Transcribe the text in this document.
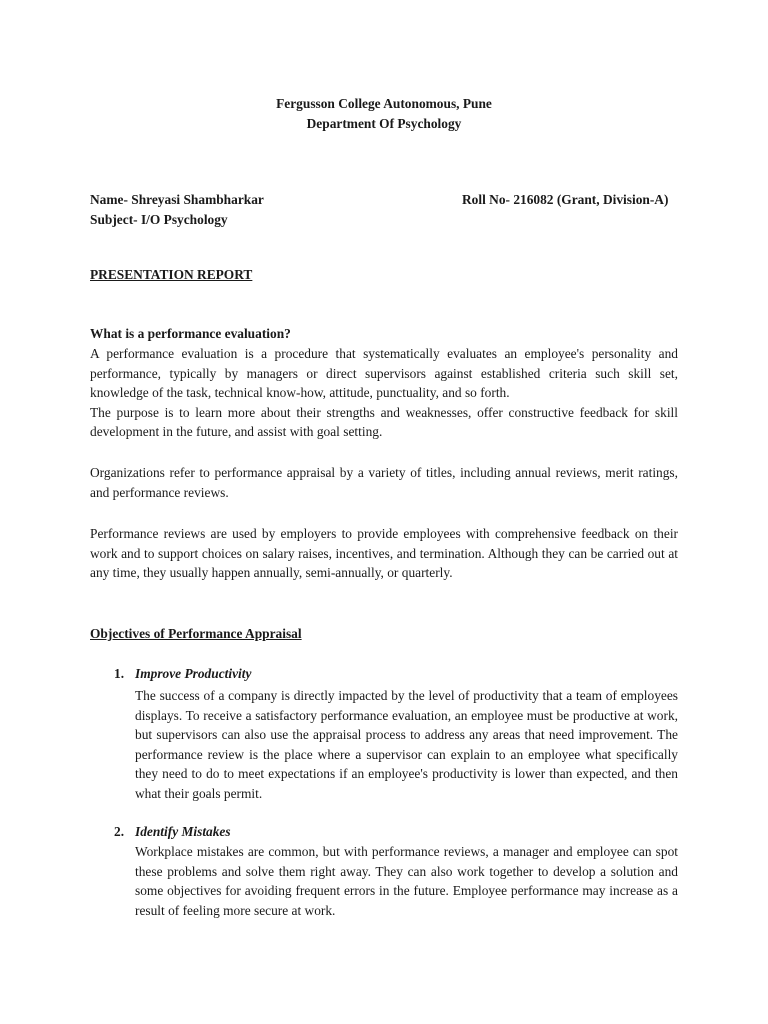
Fergusson College Autonomous, Pune
Department Of Psychology
Name- Shreyasi Shambharkar	Roll No- 216082 (Grant, Division-A)
Subject- I/O Psychology
PRESENTATION REPORT
What is a performance evaluation?

A performance evaluation is a procedure that systematically evaluates an employee's personality and performance, typically by managers or direct supervisors against established criteria such skill set, knowledge of the task, technical know-how, attitude, punctuality, and so forth.

The purpose is to learn more about their strengths and weaknesses, offer constructive feedback for skill development in the future, and assist with goal setting.

Organizations refer to performance appraisal by a variety of titles, including annual reviews, merit ratings, and performance reviews.
Performance reviews are used by employers to provide employees with comprehensive feedback on their work and to support choices on salary raises, incentives, and termination. Although they can be carried out at any time, they usually happen annually, semi-annually, or quarterly.
Objectives of Performance Appraisal
1. Improve Productivity
The success of a company is directly impacted by the level of productivity that a team of employees displays. To receive a satisfactory performance evaluation, an employee must be productive at work, but supervisors can also use the appraisal process to address any areas that need improvement. The performance review is the place where a supervisor can explain to an employee what specifically they need to do to meet expectations if an employee's productivity is lower than expected, and then what their goals permit.
2. Identify Mistakes
Workplace mistakes are common, but with performance reviews, a manager and employee can spot these problems and solve them right away. They can also work together to develop a solution and some objectives for avoiding frequent errors in the future. Employee performance may increase as a result of feeling more secure at work.
